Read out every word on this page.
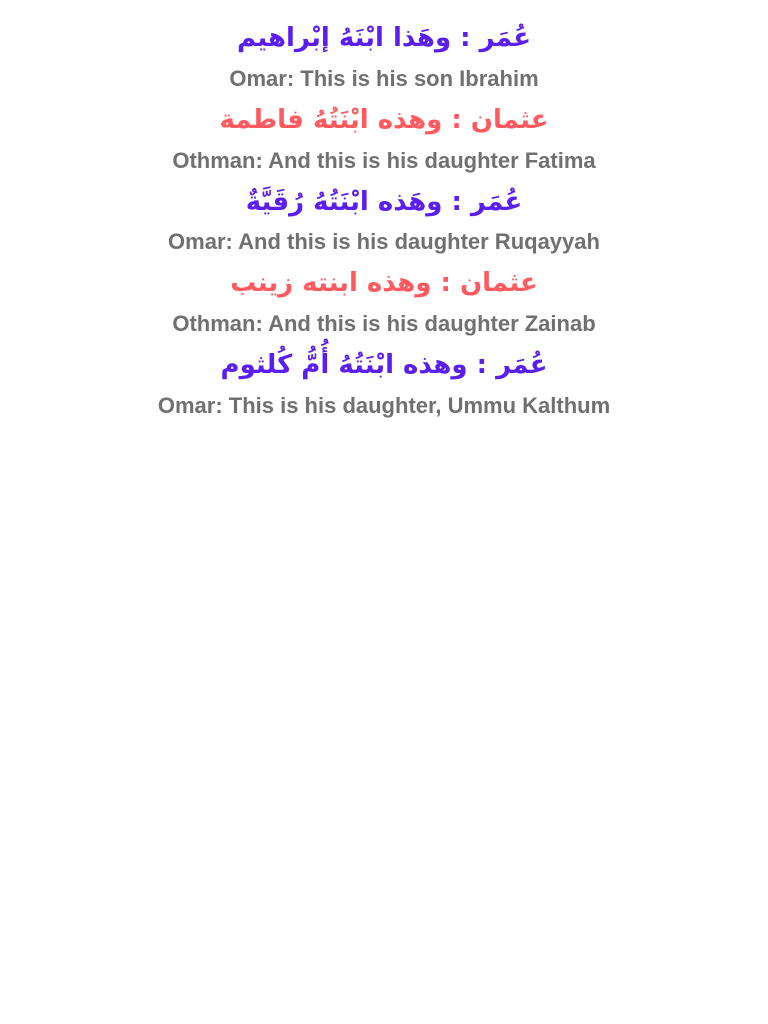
عُمَر : وهَذا ابْنَهُ إبْراهيم
Omar: This is his son Ibrahim
عثمان : وهذه ابْنَتُهُ فاطمة
Othman: And this is his daughter Fatima
عُمَر : وهَذه ابْنَتُهُ رُقَيَّةٌ
Omar: And this is his daughter Ruqayyah
عثمان : وهذه ابنته زينب
Othman: And this is his daughter Zainab
عُمَر : وهذه ابْنَتُهُ أُمُّ كُلثوم
Omar: This is his daughter, Ummu Kalthum
